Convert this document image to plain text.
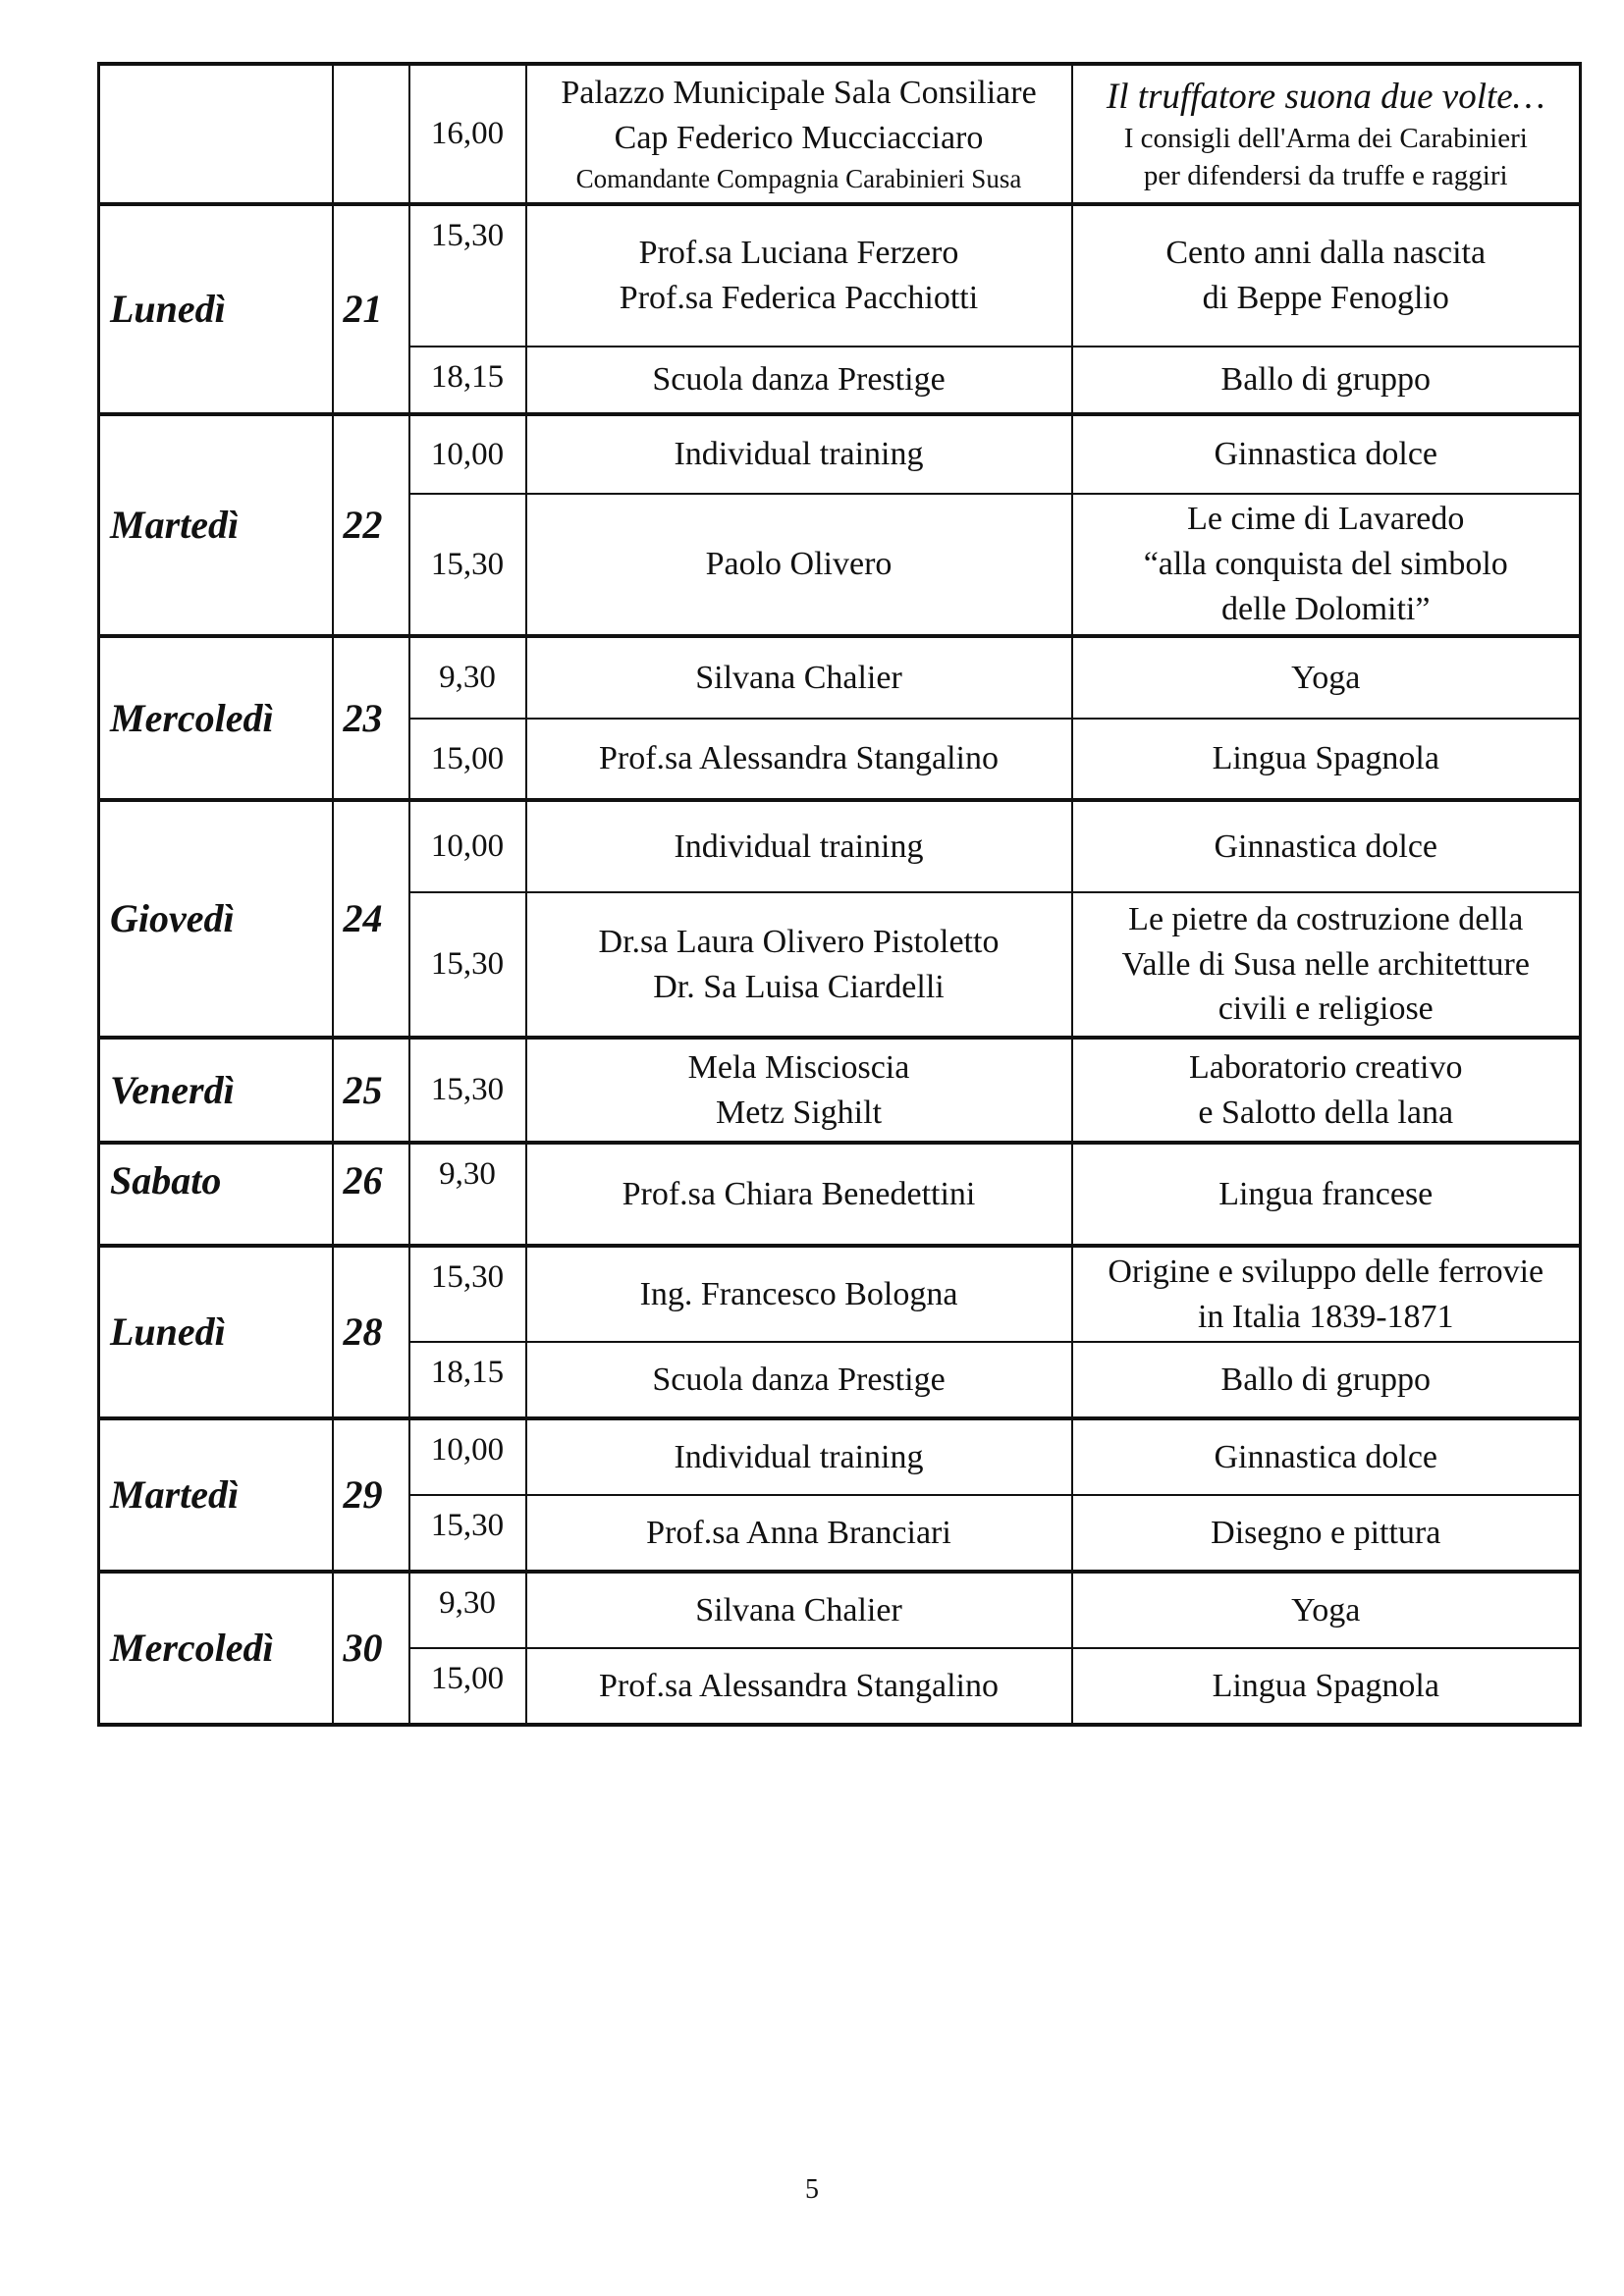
		16,00	Palazzo Municipale Sala Consiliare
Cap Federico Mucciacciaro
Comandante Compagnia Carabinieri Susa	Il truffatore suona due volte…
I consigli dell'Arma dei Carabinieri
per difendersi da truffe e raggiri

Lunedì	21	15,30	Prof.sa Luciana Ferzero
Prof.sa Federica Pacchiotti	Cento anni dalla nascita
di Beppe Fenoglio

		18,15	Scuola danza Prestige	Ballo di gruppo

Martedì	22	10,00	Individual training	Ginnastica dolce

		15,30	Paolo Olivero	Le cime di Lavaredo
“alla conquista del simbolo
delle Dolomiti”

Mercoledì	23	9,30	Silvana Chalier	Yoga

		15,00	Prof.sa Alessandra Stangalino	Lingua Spagnola

Giovedì	24	10,00	Individual training	Ginnastica dolce

		15,30	Dr.sa Laura Olivero Pistoletto
Dr. Sa Luisa Ciardelli	Le pietre da costruzione della
Valle di Susa nelle architetture
civili e religiose

Venerdì	25	15,30	Mela Miscioscia
Metz Sighilt	Laboratorio creativo
e Salotto della lana

Sabato	26	9,30	Prof.sa Chiara Benedettini	Lingua francese

Lunedì	28	15,30	Ing. Francesco Bologna	Origine e sviluppo delle ferrovie
in Italia 1839-1871

		18,15	Scuola danza Prestige	Ballo di gruppo

Martedì	29	10,00	Individual training	Ginnastica dolce

		15,30	Prof.sa Anna Branciari	Disegno e pittura

Mercoledì	30	9,30	Silvana Chalier	Yoga

		15,00	Prof.sa Alessandra Stangalino	Lingua Spagnola
5
